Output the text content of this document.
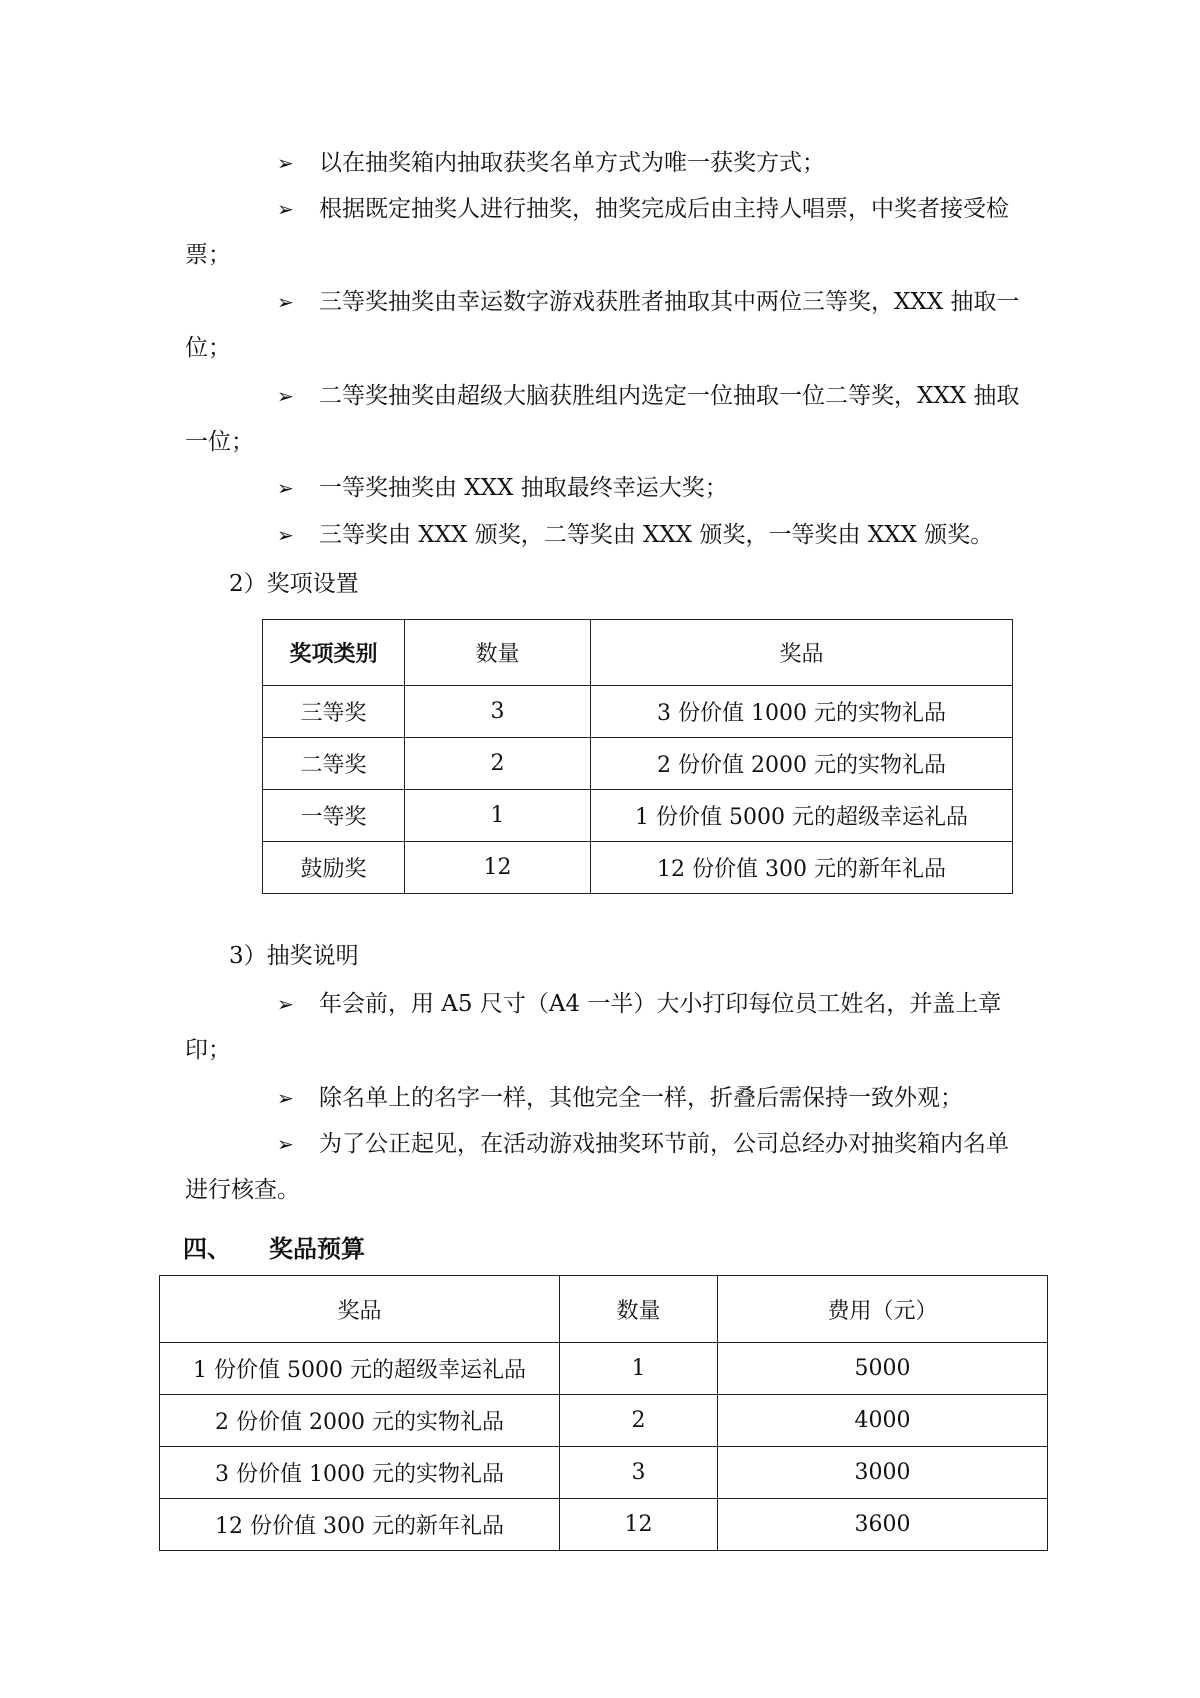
➢ 以在抽奖箱内抽取获奖名单方式为唯一获奖方式；

➢ 根据既定抽奖人进行抽奖，抽奖完成后由主持人唱票，中奖者接受检票；

➢ 三等奖抽奖由幸运数字游戏获胜者抽取其中两位三等奖，XXX 抽取一位；

➢ 二等奖抽奖由超级大脑获胜组内选定一位抽取一位二等奖，XXX 抽取一位；

➢ 一等奖抽奖由 XXX 抽取最终幸运大奖；

➢ 三等奖由 XXX 颁奖，二等奖由 XXX 颁奖，一等奖由 XXX 颁奖。

2）奖项设置

奖项类别	数量	奖品
三等奖	3	3 份价值 1000 元的实物礼品
二等奖	2	2 份价值 2000 元的实物礼品
一等奖	1	1 份价值 5000 元的超级幸运礼品
鼓励奖	12	12 份价值 300 元的新年礼品

3）抽奖说明

➢ 年会前，用 A5 尺寸（A4 一半）大小打印每位员工姓名，并盖上章印；

➢ 除名单上的名字一样，其他完全一样，折叠后需保持一致外观；

➢ 为了公正起见，在活动游戏抽奖环节前，公司总经办对抽奖箱内名单进行核查。

四、 奖品预算

奖品	数量	费用（元）
1 份价值 5000 元的超级幸运礼品	1	5000
2 份价值 2000 元的实物礼品	2	4000
3 份价值 1000 元的实物礼品	3	3000
12 份价值 300 元的新年礼品	12	3600
